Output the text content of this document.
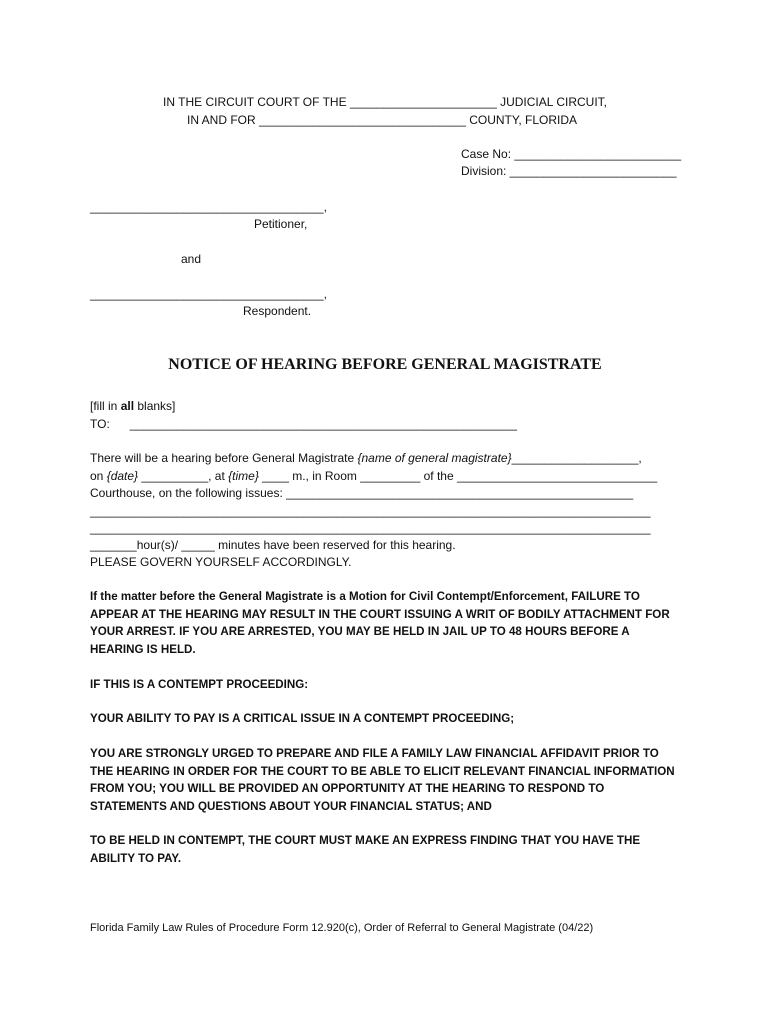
IN THE CIRCUIT COURT OF THE ______________________ JUDICIAL CIRCUIT,
IN AND FOR _______________________________ COUNTY, FLORIDA
Case No: _________________________
Division: _________________________
___________________________________,
Petitioner,
and
___________________________________,
Respondent.
NOTICE OF HEARING BEFORE GENERAL MAGISTRATE
[fill in all blanks]
TO:      __________________________________________________________
There will be a hearing before General Magistrate {name of general magistrate}___________________,
on {date} __________, at {time} ____ m., in Room _________ of the ______________________________
Courthouse, on the following issues: ____________________________________________________
____________________________________________________________________________________
____________________________________________________________________________________
_______hour(s)/ _____ minutes have been reserved for this hearing.
PLEASE GOVERN YOURSELF ACCORDINGLY.
If the matter before the General Magistrate is a Motion for Civil Contempt/Enforcement, FAILURE TO
APPEAR AT THE HEARING MAY RESULT IN THE COURT ISSUING A WRIT OF BODILY ATTACHMENT FOR
YOUR ARREST. IF YOU ARE ARRESTED, YOU MAY BE HELD IN JAIL UP TO 48 HOURS BEFORE A
HEARING IS HELD.
IF THIS IS A CONTEMPT PROCEEDING:
YOUR ABILITY TO PAY IS A CRITICAL ISSUE IN A CONTEMPT PROCEEDING;
YOU ARE STRONGLY URGED TO PREPARE AND FILE A FAMILY LAW FINANCIAL AFFIDAVIT PRIOR TO
THE HEARING IN ORDER FOR THE COURT TO BE ABLE TO ELICIT RELEVANT FINANCIAL INFORMATION
FROM YOU; YOU WILL BE PROVIDED AN OPPORTUNITY AT THE HEARING TO RESPOND TO
STATEMENTS AND QUESTIONS ABOUT YOUR FINANCIAL STATUS; AND
TO BE HELD IN CONTEMPT, THE COURT MUST MAKE AN EXPRESS FINDING THAT YOU HAVE THE
ABILITY TO PAY.
Florida Family Law Rules of Procedure Form 12.920(c), Order of Referral to General Magistrate (04/22)
